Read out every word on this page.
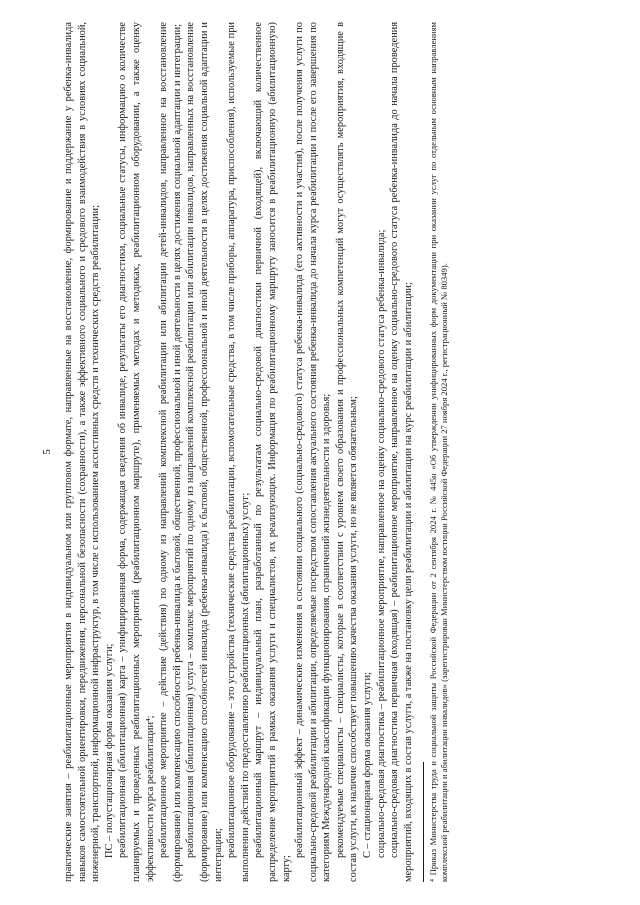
5 практические занятия – реабилитационные мероприятия в индивидуальном или групповом формате, направленные на восстановление, формирование и поддержание у ребенка-инвалида навыков самостоятельной ориентировки, передвижения, персональной безопасности (сохранности), а также эффективного социального и средового взаимодействия в условиях социальной, инженерной, транспортной, информационной инфраструктур, в том числе с использованием ассистивных средств и технических средств реабилитации; ПС – полустационарная форма оказания услуги; реабилитационная (абилитационная) карта – унифицированная форма, содержащая сведения об инвалиде, результаты его диагностики, социальные статусы, информацию о количестве планируемых и проведенных реабилитационных мероприятий (реабилитационном маршруте), применяемых методах и методиках, реабилитационном оборудовании, а также оценку эффективности курса реабилитации⁴; реабилитационное мероприятие – действие (действия) по одному из направлений комплексной реабилитации или абилитации детей-инвалидов, направленное на восстановление (формирование) или компенсацию способностей ребенка-инвалида к бытовой, общественной, профессиональной и иной деятельности в целях достижения социальной адаптации и интеграции; реабилитационная (абилитационная) услуга – комплекс мероприятий по одному из направлений комплексной реабилитации или абилитации инвалидов, направленных на восстановление (формирование) или компенсацию способностей инвалида (ребенка-инвалида) к бытовой, общественной, профессиональной и иной деятельности в целях достижения социальной адаптации и интеграции; реабилитационное оборудование – это устройства (технические средства реабилитации, вспомогательные средства, в том числе приборы, аппаратура, приспособления), используемые при выполнении действий по предоставлению реабилитационных (абилитационных) услуг; реабилитационный маршрут – индивидуальный план, разработанный по результатам социально-средовой диагностики первичной (входящей), включающий количественное распределение мероприятий в рамках оказания услуги и специалистов, их реализующих. Информация по реабилитационному маршруту заносится в реабилитационную (абилитационную) карту;

реабилитационный эффект – динамические изменения в состоянии социального (социально-средового) статуса ребенка-инвалида (его активности и участия), после получения услуги по социально-средовой реабилитации и абилитации, определяемые посредством сопоставления актуального состояния ребенка-инвалида до начала курса реабилитации и после его завершения по категориям Международной классификации функционирования, ограничений жизнедеятельности и здоровья; рекомендуемые специалисты – специалисты, которые в соответствии с уровнем своего образования и профессиональных компетенций могут осуществлять мероприятия, входящие в состав услуги, их наличие способствует повышению качества оказания услуги, но не является обязательным; С – стационарная форма оказания услуги; социально-средовая диагностика – реабилитационное мероприятие, направленное на оценку социально-средового статуса ребенка-инвалида; социально-средовая диагностика первичная (входящая) – реабилитационное мероприятие, направленное на оценку социально-средового статуса ребенка-инвалида до начала проведения мероприятий, входящих в состав услуги, а также на постановку цели реабилитации и абилитации на курс реабилитации и абилитации; ⁴ Приказ Министерства труда и социальной защиты Российской Федерации от 2 сентября 2024 г. № 445н «Об утверждении унифицированных форм документации при оказании услуг по отдельным основным направлениям комплексной реабилитации и абилитации инвалидов» (зарегистрирован Министерством юстиции Российской Федерации 27 ноября 2024 г., регистрационный № 80349).
